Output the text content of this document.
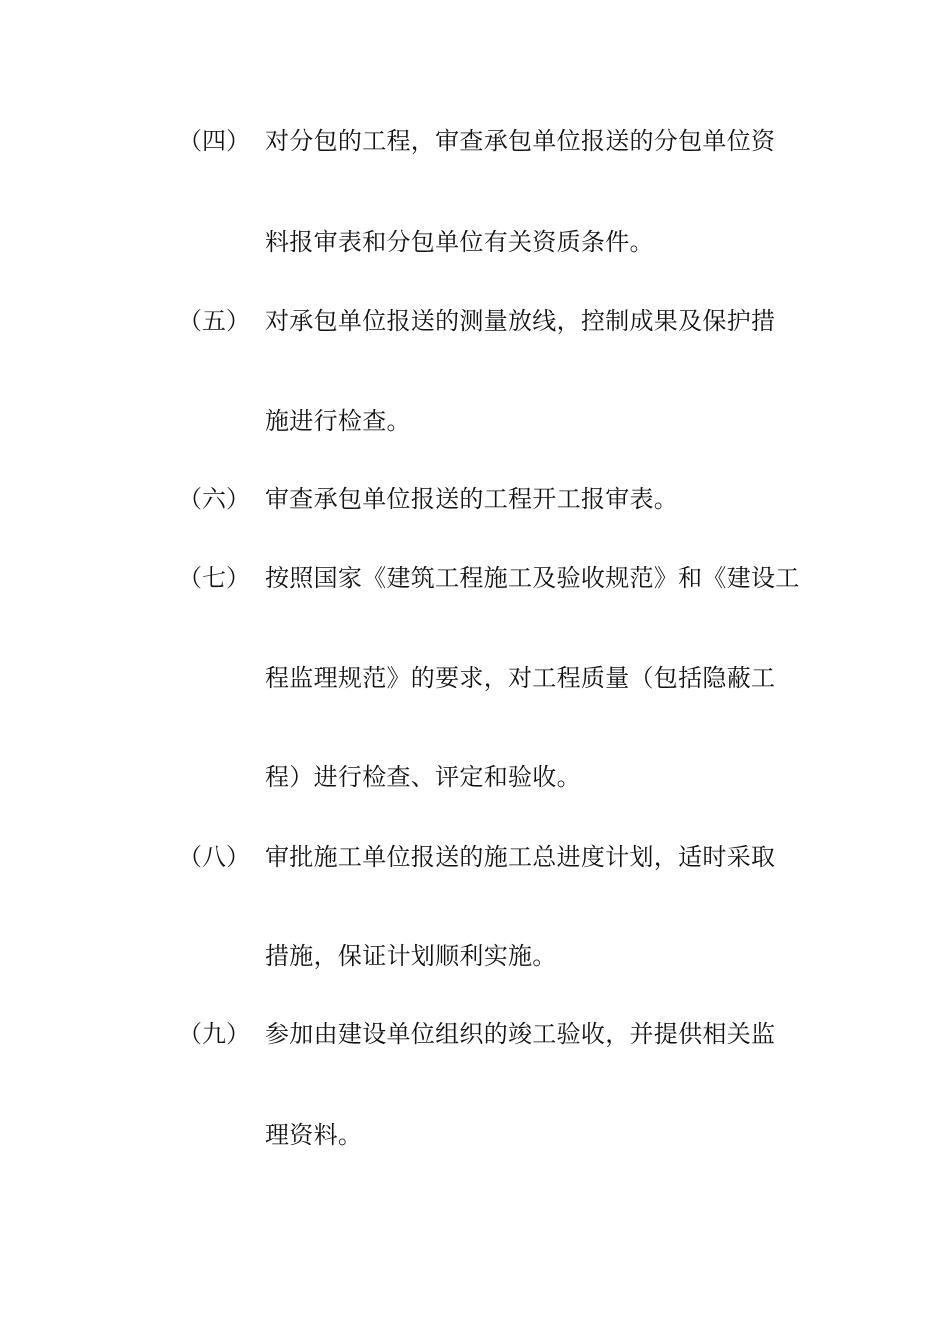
（四） 对分包的工程，审查承包单位报送的分包单位资
料报审表和分包单位有关资质条件。
（五） 对承包单位报送的测量放线，控制成果及保护措
施进行检查。
（六） 审查承包单位报送的工程开工报审表。
（七） 按照国家《建筑工程施工及验收规范》和《建设工
程监理规范》的要求，对工程质量（包括隐蔽工
程）进行检查、评定和验收。
（八） 审批施工单位报送的施工总进度计划，适时采取
措施，保证计划顺利实施。
（九） 参加由建设单位组织的竣工验收，并提供相关监
理资料。
